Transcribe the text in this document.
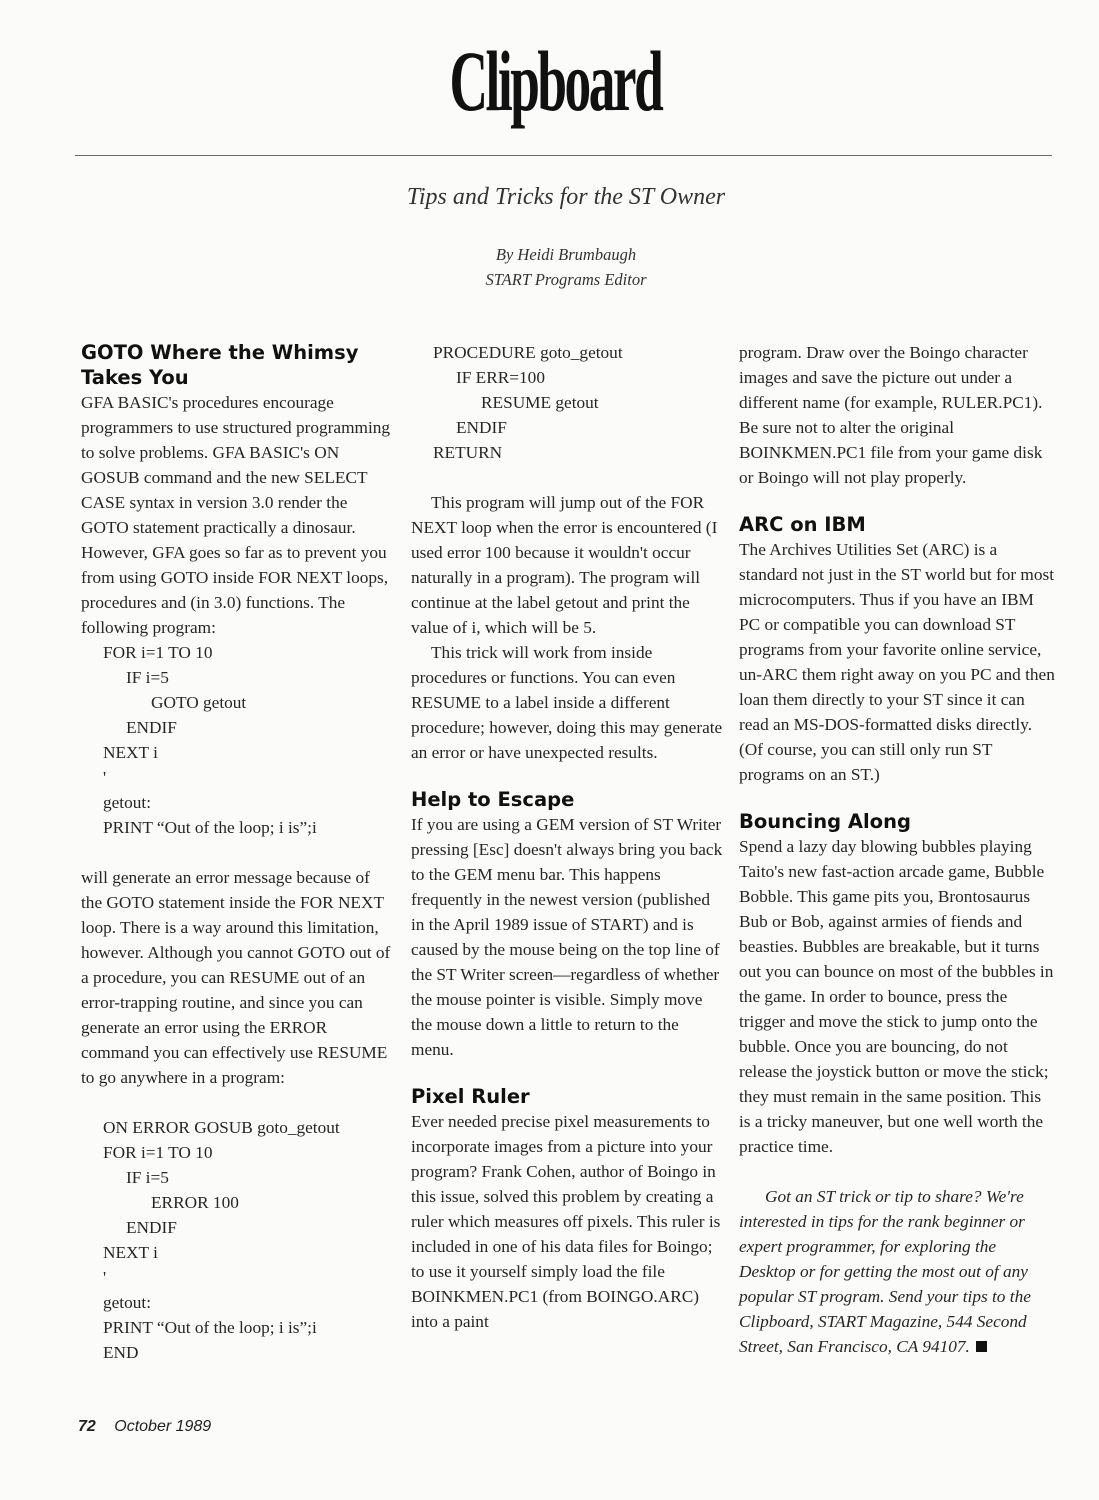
Clipboard
Tips and Tricks for the ST Owner
By Heidi Brumbaugh
START Programs Editor
GOTO Where the Whimsy Takes You

GFA BASIC's procedures encourage programmers to use structured programming to solve problems. GFA BASIC's ON GOSUB command and the new SELECT CASE syntax in version 3.0 render the GOTO statement practically a dinosaur. However, GFA goes so far as to prevent you from using GOTO inside FOR NEXT loops, procedures and (in 3.0) functions. The following program:

FOR i=1 TO 10
IF i=5
GOTO getout
ENDIF
NEXT i
'
getout:
PRINT “Out of the loop; i is”;i

will generate an error message because of the GOTO statement inside the FOR NEXT loop. There is a way around this limitation, however. Although you cannot GOTO out of a procedure, you can RESUME out of an error-trapping routine, and since you can generate an error using the ERROR command you can effectively use RESUME to go anywhere in a program:

ON ERROR GOSUB goto_getout
FOR i=1 TO 10
IF i=5
ERROR 100
ENDIF
NEXT i
'
getout:
PRINT “Out of the loop; i is”;i
END
PROCEDURE goto_getout
IF ERR=100
RESUME getout
ENDIF
RETURN

This program will jump out of the FOR NEXT loop when the error is encountered (I used error 100 because it wouldn't occur naturally in a program). The program will continue at the label getout and print the value of i, which will be 5.

This trick will work from inside procedures or functions. You can even RESUME to a label inside a different procedure; however, doing this may generate an error or have unexpected results.

Help to Escape

If you are using a GEM version of ST Writer pressing [Esc] doesn't always bring you back to the GEM menu bar. This happens frequently in the newest version (published in the April 1989 issue of START) and is caused by the mouse being on the top line of the ST Writer screen—regardless of whether the mouse pointer is visible. Simply move the mouse down a little to return to the menu.

Pixel Ruler

Ever needed precise pixel measurements to incorporate images from a picture into your program? Frank Cohen, author of Boingo in this issue, solved this problem by creating a ruler which measures off pixels. This ruler is included in one of his data files for Boingo; to use it yourself simply load the file BOINKMEN.PC1 (from BOINGO.ARC) into a paint

program. Draw over the Boingo character images and save the picture out under a different name (for example, RULER.PC1). Be sure not to alter the original BOINKMEN.PC1 file from your game disk or Boingo will not play properly.

ARC on IBM

The Archives Utilities Set (ARC) is a standard not just in the ST world but for most microcomputers. Thus if you have an IBM PC or compatible you can download ST programs from your favorite online service, un-ARC them right away on you PC and then loan them directly to your ST since it can read an MS-DOS-formatted disks directly. (Of course, you can still only run ST programs on an ST.)

Bouncing Along

Spend a lazy day blowing bubbles playing Taito's new fast-action arcade game, Bubble Bobble. This game pits you, Brontosaurus Bub or Bob, against armies of fiends and beasties. Bubbles are breakable, but it turns out you can bounce on most of the bubbles in the game. In order to bounce, press the trigger and move the stick to jump onto the bubble. Once you are bouncing, do not release the joystick button or move the stick; they must remain in the same position. This is a tricky maneuver, but one well worth the practice time.

Got an ST trick or tip to share? We're interested in tips for the rank beginner or expert programmer, for exploring the Desktop or for getting the most out of any popular ST program. Send your tips to the Clipboard, START Magazine, 544 Second Street, San Francisco, CA 94107.

72 October 1989
